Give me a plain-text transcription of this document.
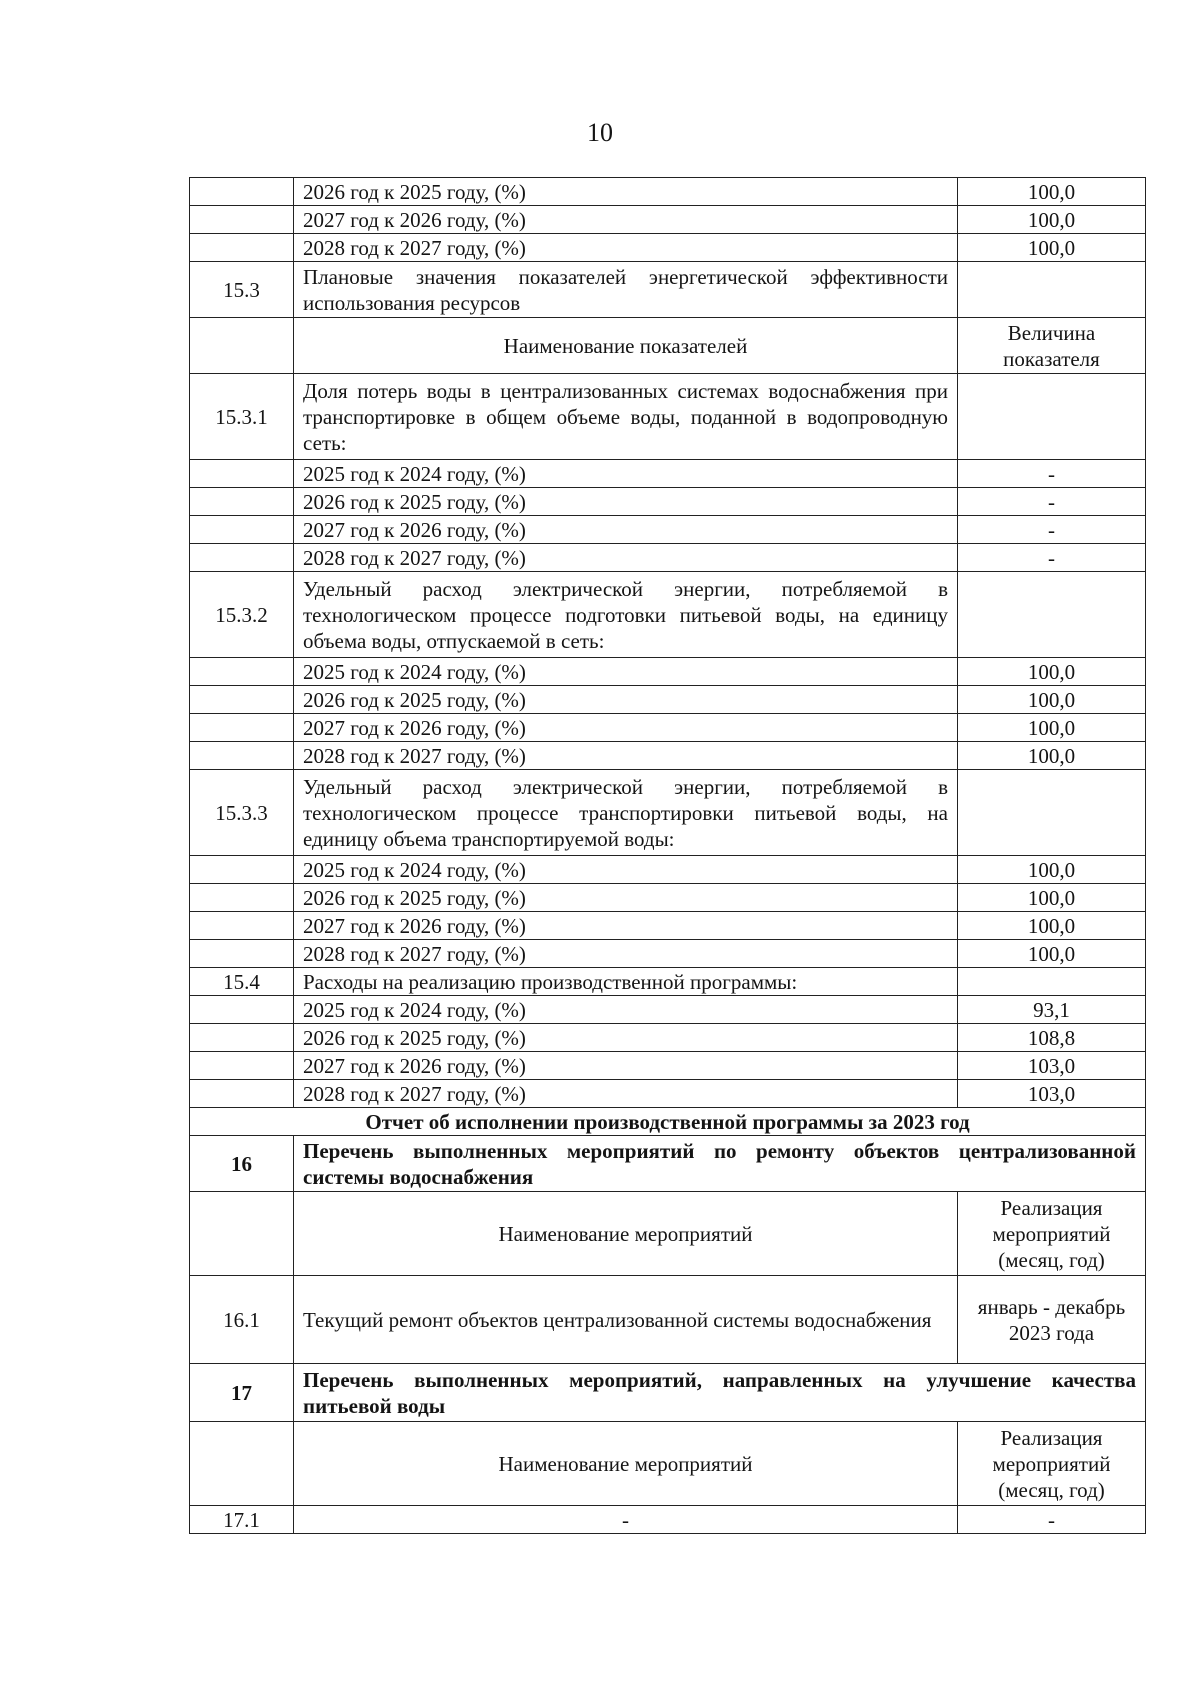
10
	2026 год к 2025 году, (%)	100,0
	2027 год к 2026 году, (%)	100,0
	2028 год к 2027 году, (%)	100,0
15.3	Плановые значения показателей энергетической эффективности использования ресурсов	
	Наименование показателей	Величина показателя
15.3.1	Доля потерь воды в централизованных системах водоснабжения при транспортировке в общем объеме воды, поданной в водопроводную сеть:	
	2025 год к 2024 году, (%)	-
	2026 год к 2025 году, (%)	-
	2027 год к 2026 году, (%)	-
	2028 год к 2027 году, (%)	-
15.3.2	Удельный расход электрической энергии, потребляемой в технологическом процессе подготовки питьевой воды, на единицу объема воды, отпускаемой в сеть:	
	2025 год к 2024 году, (%)	100,0
	2026 год к 2025 году, (%)	100,0
	2027 год к 2026 году, (%)	100,0
	2028 год к 2027 году, (%)	100,0
15.3.3	Удельный расход электрической энергии, потребляемой в технологическом процессе транспортировки питьевой воды, на единицу объема транспортируемой воды:	
	2025 год к 2024 году, (%)	100,0
	2026 год к 2025 году, (%)	100,0
	2027 год к 2026 году, (%)	100,0
	2028 год к 2027 году, (%)	100,0
15.4	Расходы на реализацию производственной программы:	
	2025 год к 2024 году, (%)	93,1
	2026 год к 2025 году, (%)	108,8
	2027 год к 2026 году, (%)	103,0
	2028 год к 2027 году, (%)	103,0
Отчет об исполнении производственной программы за 2023 год		
16	Перечень выполненных мероприятий по ремонту объектов централизованной системы водоснабжения	
	Наименование мероприятий	Реализация мероприятий (месяц, год)
16.1	Текущий ремонт объектов централизованной системы водоснабжения	январь - декабрь 2023 года
17	Перечень выполненных мероприятий, направленных на улучшение качества питьевой воды	
	Наименование мероприятий	Реализация мероприятий (месяц, год)
17.1	-	-
